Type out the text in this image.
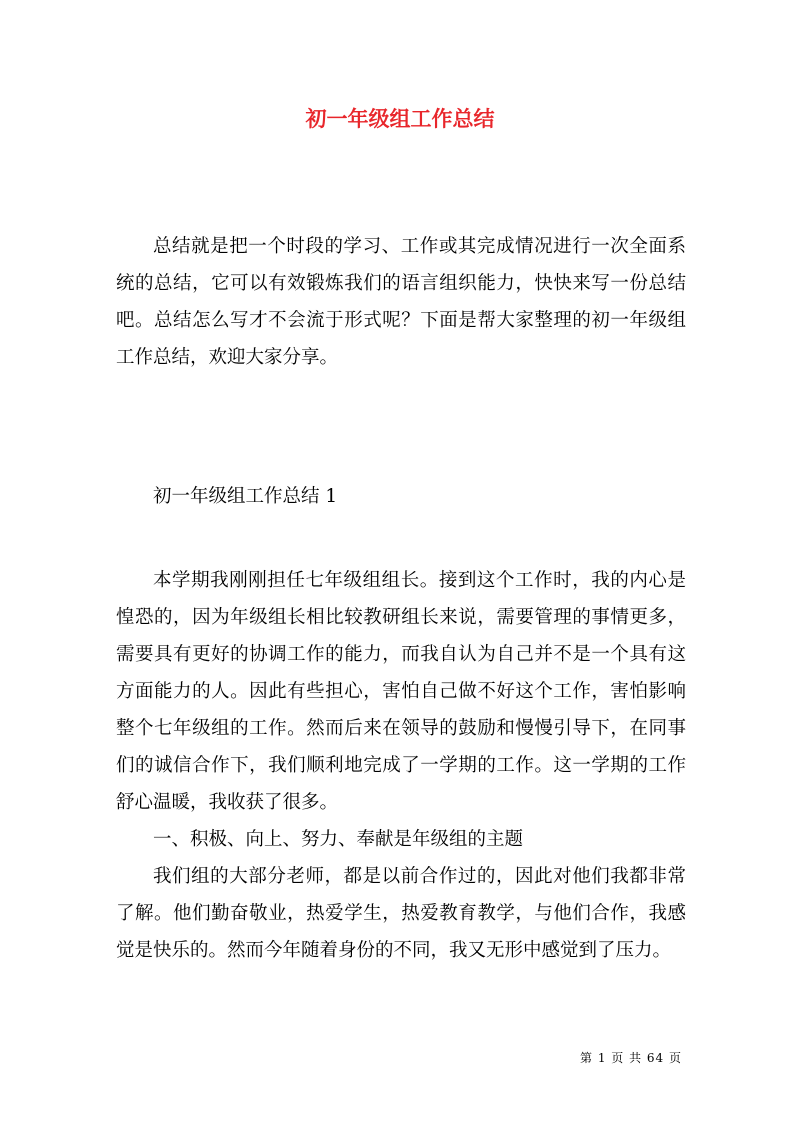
初一年级组工作总结

总结就是把一个时段的学习、工作或其完成情况进行一次全面系统的总结，它可以有效锻炼我们的语言组织能力，快快来写一份总结吧。总结怎么写才不会流于形式呢？下面是帮大家整理的初一年级组工作总结，欢迎大家分享。

初一年级组工作总结 1

本学期我刚刚担任七年级组组长。接到这个工作时，我的内心是惶恐的，因为年级组长相比较教研组长来说，需要管理的事情更多，需要具有更好的协调工作的能力，而我自认为自己并不是一个具有这方面能力的人。因此有些担心，害怕自己做不好这个工作，害怕影响整个七年级组的工作。然而后来在领导的鼓励和慢慢引导下，在同事们的诚信合作下，我们顺利地完成了一学期的工作。这一学期的工作舒心温暖，我收获了很多。

一、积极、向上、努力、奉献是年级组的主题

我们组的大部分老师，都是以前合作过的，因此对他们我都非常了解。他们勤奋敬业，热爱学生，热爱教育教学，与他们合作，我感觉是快乐的。然而今年随着身份的不同，我又无形中感觉到了压力。

第 1 页 共 64 页
